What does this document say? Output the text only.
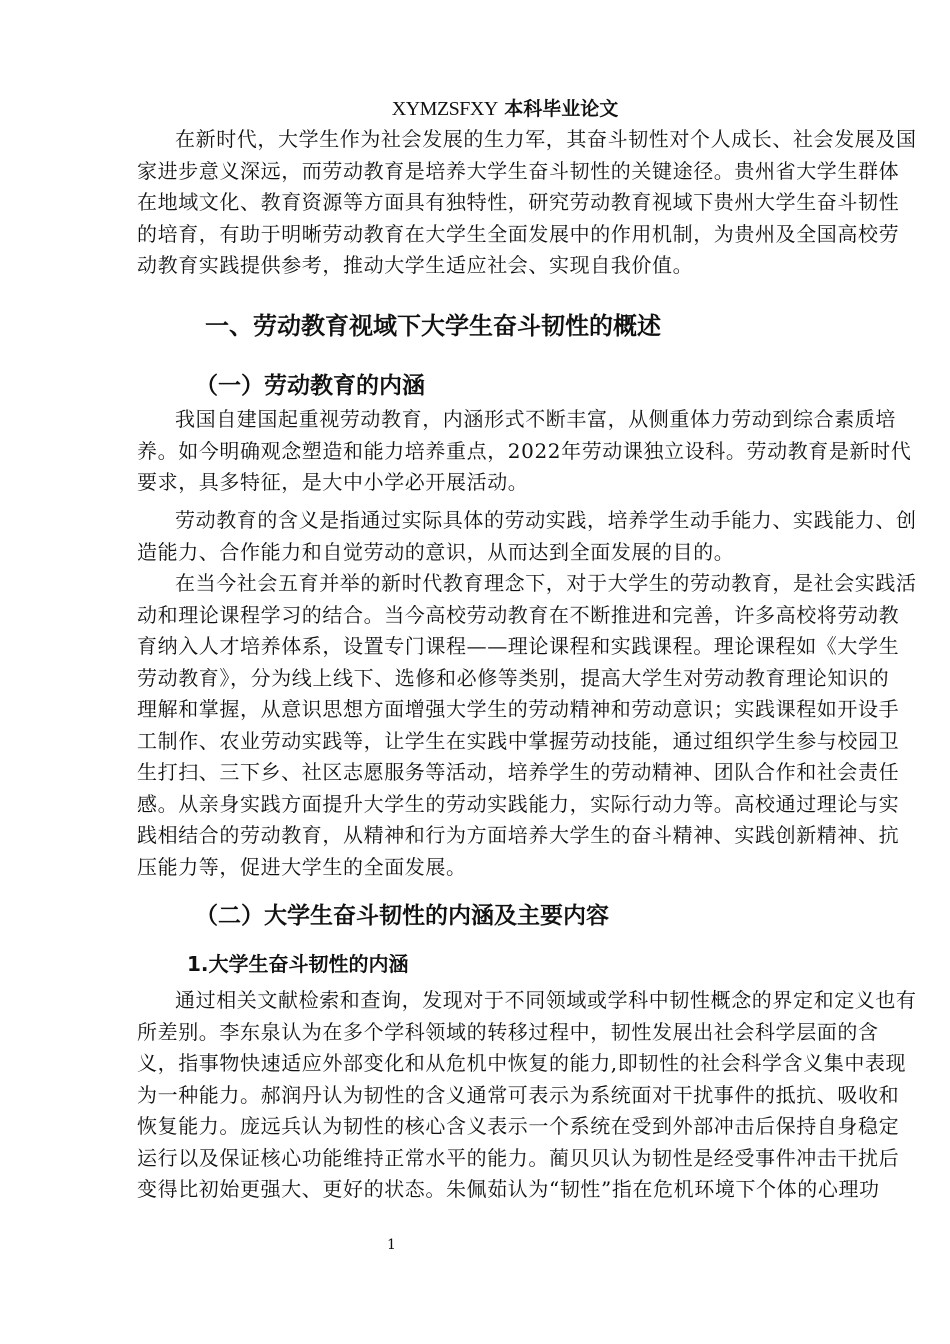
XYMZSFXY 本科毕业论文
在新时代，大学生作为社会发展的生力军，其奋斗韧性对个人成长、社会发展及国
家进步意义深远，而劳动教育是培养大学生奋斗韧性的关键途径。贵州省大学生群体
在地域文化、教育资源等方面具有独特性，研究劳动教育视域下贵州大学生奋斗韧性
的培育，有助于明晰劳动教育在大学生全面发展中的作用机制，为贵州及全国高校劳
动教育实践提供参考，推动大学生适应社会、实现自我价值。
一、劳动教育视域下大学生奋斗韧性的概述
（一）劳动教育的内涵
我国自建国起重视劳动教育，内涵形式不断丰富，从侧重体力劳动到综合素质培
养。如今明确观念塑造和能力培养重点，2022年劳动课独立设科。劳动教育是新时代
要求，具多特征，是大中小学必开展活动。
劳动教育的含义是指通过实际具体的劳动实践，培养学生动手能力、实践能力、创
造能力、合作能力和自觉劳动的意识，从而达到全面发展的目的。
在当今社会五育并举的新时代教育理念下，对于大学生的劳动教育，是社会实践活
动和理论课程学习的结合。当今高校劳动教育在不断推进和完善，许多高校将劳动教
育纳入人才培养体系，设置专门课程——理论课程和实践课程。理论课程如《大学生
劳动教育》，分为线上线下、选修和必修等类别，提高大学生对劳动教育理论知识的
理解和掌握，从意识思想方面增强大学生的劳动精神和劳动意识；实践课程如开设手
工制作、农业劳动实践等，让学生在实践中掌握劳动技能，通过组织学生参与校园卫
生打扫、三下乡、社区志愿服务等活动，培养学生的劳动精神、团队合作和社会责任
感。从亲身实践方面提升大学生的劳动实践能力，实际行动力等。高校通过理论与实
践相结合的劳动教育，从精神和行为方面培养大学生的奋斗精神、实践创新精神、抗
压能力等，促进大学生的全面发展。
（二）大学生奋斗韧性的内涵及主要内容
1.大学生奋斗韧性的内涵
通过相关文献检索和查询，发现对于不同领域或学科中韧性概念的界定和定义也有
所差别。李东泉认为在多个学科领域的转移过程中，韧性发展出社会科学层面的含
义，指事物快速适应外部变化和从危机中恢复的能力,即韧性的社会科学含义集中表现
为一种能力。郝润丹认为韧性的含义通常可表示为系统面对干扰事件的抵抗、吸收和
恢复能力。庞远兵认为韧性的核心含义表示一个系统在受到外部冲击后保持自身稳定
运行以及保证核心功能维持正常水平的能力。蔺贝贝认为韧性是经受事件冲击干扰后
变得比初始更强大、更好的状态。朱佩茹认为“韧性”指在危机环境下个体的心理功
1
